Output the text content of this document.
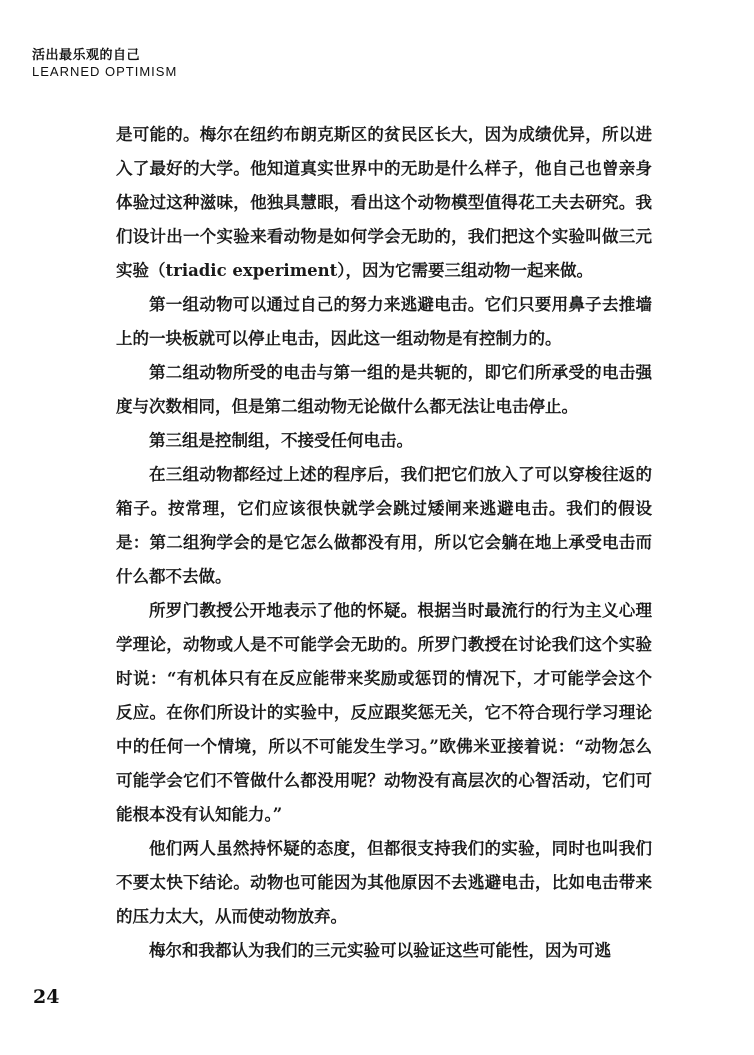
活出最乐观的自己
LEARNED OPTIMISM

是可能的。梅尔在纽约布朗克斯区的贫民区长大，因为成绩优异，所以进入了最好的大学。他知道真实世界中的无助是什么样子，他自己也曾亲身体验过这种滋味，他独具慧眼，看出这个动物模型值得花工夫去研究。我们设计出一个实验来看动物是如何学会无助的，我们把这个实验叫做三元实验（triadic experiment），因为它需要三组动物一起来做。

第一组动物可以通过自己的努力来逃避电击。它们只要用鼻子去推墙上的一块板就可以停止电击，因此这一组动物是有控制力的。

第二组动物所受的电击与第一组的是共轭的，即它们所承受的电击强度与次数相同，但是第二组动物无论做什么都无法让电击停止。

第三组是控制组，不接受任何电击。

在三组动物都经过上述的程序后，我们把它们放入了可以穿梭往返的箱子。按常理，它们应该很快就学会跳过矮闸来逃避电击。我们的假设是：第二组狗学会的是它怎么做都没有用，所以它会躺在地上承受电击而什么都不去做。

所罗门教授公开地表示了他的怀疑。根据当时最流行的行为主义心理学理论，动物或人是不可能学会无助的。所罗门教授在讨论我们这个实验时说：“有机体只有在反应能带来奖励或惩罚的情况下，才可能学会这个反应。在你们所设计的实验中，反应跟奖惩无关，它不符合现行学习理论中的任何一个情境，所以不可能发生学习。”欧佛米亚接着说：“动物怎么可能学会它们不管做什么都没用呢？动物没有高层次的心智活动，它们可能根本没有认知能力。”

他们两人虽然持怀疑的态度，但都很支持我们的实验，同时也叫我们不要太快下结论。动物也可能因为其他原因不去逃避电击，比如电击带来的压力太大，从而使动物放弃。

梅尔和我都认为我们的三元实验可以验证这些可能性，因为可逃

24
